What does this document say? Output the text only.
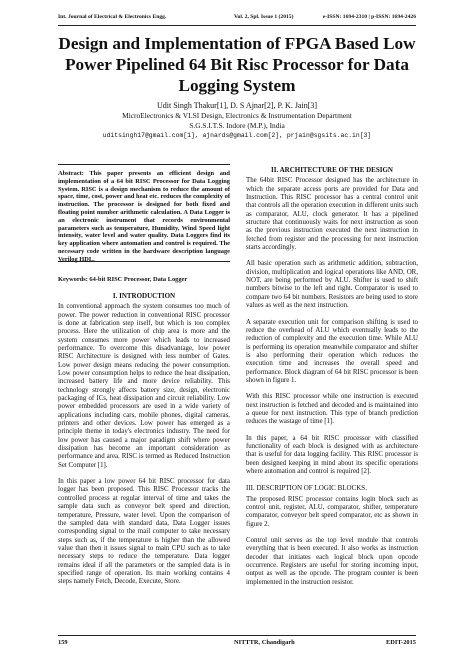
Int. Journal of Electrical & Electronics Engg.	Vol. 2, Spl. Issue 1 (2015)	e-ISSN: 1694-2310 | p-ISSN: 1694-2426
Design and Implementation of FPGA Based Low Power Pipelined 64 Bit Risc Processor for Data Logging System
Udit Singh Thakur[1], D. S Ajnar[2], P. K. Jain[3]
MicroElectronics & VLSI Design, Electronics & Instrumentation Department
S.G.S.I.T.S. Indore (M.P.), India
uditsingh17@gmail.com[1], ajnards@gmail.com[2], prjain@sgsits.ac.in[3]

Abstract: This paper presents an efficient design and implementation of a 64 bit RISC Processor for Data Logging System. RISC is a design mechanism to reduce the amount of space, time, cost, power and heat etc. reduces the complexity of instruction. The processor is designed for both fixed and floating point number arithmetic calculation. A Data Logger is an electronic instrument that records environmental parameters such as temperature, Humidity, Wind Speed light intensity, water level and water quality. Data Loggers find its key application where automation and control is required. The necessary code written in the hardware description language Verilog HDL.

Keywords: 64-bit RISC Processor, Data Logger

I. INTRODUCTION

In conventional approach the system consumes too much of power. The power reduction in conventional RISC processor is done at fabrication step itself, but which is too complex process. Here the utilization of chip area is more and the system consumes more power which leads to increased performance. To overcome this disadvantage, low power RISC Architecture is designed with less number of Gates. Low power design means reducing the power consumption. Low power consumption helps to reduce the heat dissipation, increased battery life and more device reliability. This technology strongly affects battery size, design, electronic packaging of ICs, heat dissipation and circuit reliability. Low power embedded processors are used in a wide variety of applications including cars, mobile phones, digital cameras, printers and other devices. Low power has emerged as a principle theme in today's electronics industry. The need for low power has caused a major paradigm shift where power dissipation has become an important consideration as performance and area. RISC is termed as Reduced Instruction Set Computer [1].

In this paper a low power 64 bit RISC processor for data logger has been proposed. This RISC Processor tracks the controlled process at regular interval of time and takes the sample data such as conveyor belt speed and direction, temperature, Pressure, water level. Upon the comparison of the sampled data with standard data, Data Logger issues corresponding signal to the mail computer to take necessary steps such as, if the temperature is higher than the allowed value than then it issues signal to main CPU such as to take necessary steps to reduce the temperature. Data logger remains ideal if all the parameters or the sampled data is in specified range of operation. Its main working contains 4 steps namely Fetch, Decode, Execute, Store.

II. ARCHITECTURE OF THE DESIGN

The 64bit RISC Processor designed has the architecture in which the separate access ports are provided for Data and Instruction. This RISC processor has a central control unit that controls all the operation execution in different units such as comparator, ALU, clock generator. It has a pipelined structure that continuously waits for next instruction as soon as the previous instruction executed the next instruction in fetched from register and the processing for next instruction starts accordingly.

All basic operation such as arithmetic addition, subtraction, division, multiplication and logical operations like AND, OR, NOT, are being performed by ALU. Shifter is used to shift numbers bitwise to the left and right. Comparator is used to compare two 64 bit numbers. Resistors are being used to store values as well as the next instruction.

A separate execution unit for comparison shifting is used to reduce the overhead of ALU which eventually leads to the reduction of complexity and the execution time. While ALU is performing its operation meanwhile comparator and shifter is also performing their operation which reduces the execution time and increases the overall speed and performance. Block diagram of 64 bit RISC processor is been shown in figure 1.

With this RISC processor while one instruction is executed next instruction is fetched and decoded and is maintained into a queue for next instruction. This type of branch prediction reduces the wastage of time [1].

In this paper, a 64 bit RISC processor with classified functionality of each block is designed with as architecture that is useful for data logging facility. This RISC processor is been designed keeping in mind about its specific operations where automation and control is required [2].

III. DESCRIPTION OF LOGIC BLOCKS.

The proposed RISC processor contains login block such as control unit, register, ALU, comparator, shifter, temperature comparator, conveyor belt speed comparator, etc as shown in figure 2.

Control unit serves as the top level module that controls everything that is been executed. It also works as instruction decoder that initiates each logical block upon opcode occurrence. Registers are useful for storing incoming input, output as well as the opcode. The program counter is been implemented in the instruction resistor.

159	NITTTR, Chandigarh	EDIT-2015
